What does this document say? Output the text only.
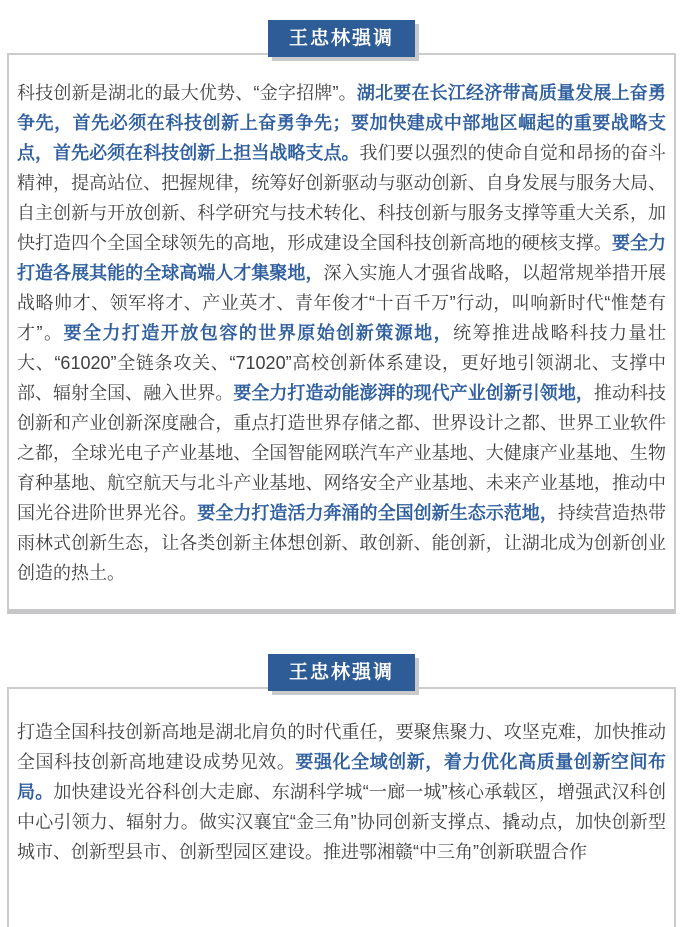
王忠林强调

科技创新是湖北的最大优势、“金字招牌”。湖北要在长江经济带高质量发展上奋勇争先，首先必须在科技创新上奋勇争先；要加快建成中部地区崛起的重要战略支点，首先必须在科技创新上担当战略支点。我们要以强烈的使命自觉和昂扬的奋斗精神，提高站位、把握规律，统筹好创新驱动与驱动创新、自身发展与服务大局、自主创新与开放创新、科学研究与技术转化、科技创新与服务支撑等重大关系，加快打造四个全国全球领先的高地，形成建设全国科技创新高地的硬核支撑。要全力打造各展其能的全球高端人才集聚地，深入实施人才强省战略，以超常规举措开展战略帅才、领军将才、产业英才、青年俊才“十百千万”行动，叫响新时代“惟楚有才”。要全力打造开放包容的世界原始创新策源地，统筹推进战略科技力量壮大、“61020”全链条攻关、“71020”高校创新体系建设，更好地引领湖北、支撑中部、辐射全国、融入世界。要全力打造动能澎湃的现代产业创新引领地，推动科技创新和产业创新深度融合，重点打造世界存储之都、世界设计之都、世界工业软件之都，全球光电子产业基地、全国智能网联汽车产业基地、大健康产业基地、生物育种基地、航空航天与北斗产业基地、网络安全产业基地、未来产业基地，推动中国光谷进阶世界光谷。要全力打造活力奔涌的全国创新生态示范地，持续营造热带雨林式创新生态，让各类创新主体想创新、敢创新、能创新，让湖北成为创新创业创造的热土。

王忠林强调

打造全国科技创新高地是湖北肩负的时代重任，要聚焦聚力、攻坚克难，加快推动全国科技创新高地建设成势见效。要强化全域创新，着力优化高质量创新空间布局。加快建设光谷科创大走廊、东湖科学城“一廊一城”核心承载区，增强武汉科创中心引领力、辐射力。做实汉襄宜“金三角”协同创新支撑点、撬动点，加快创新型城市、创新型县市、创新型园区建设。推进鄂湘赣“中三角”创新联盟合作
